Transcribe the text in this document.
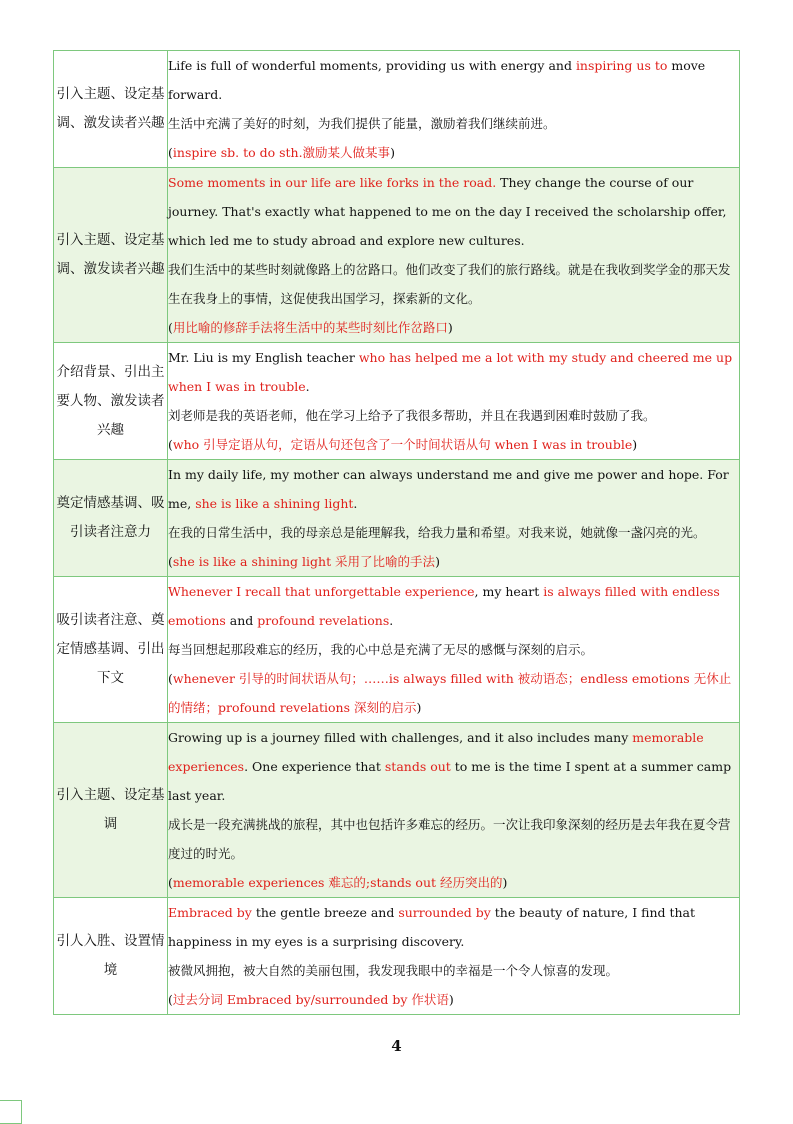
引入主题、设定基调、激发读者兴趣	Life is full of wonderful moments, providing us with energy and inspiring us to move forward.

生活中充满了美好的时刻，为我们提供了能量，激励着我们继续前进。

(inspire sb. to do sth.激励某人做某事)

引入主题、设定基调、激发读者兴趣	Some moments in our life are like forks in the road. They change the course of our journey. That's exactly what happened to me on the day I received the scholarship offer, which led me to study abroad and explore new cultures.

我们生活中的某些时刻就像路上的岔路口。他们改变了我们的旅行路线。就是在我收到奖学金的那天发生在我身上的事情，这促使我出国学习，探索新的文化。

(用比喻的修辞手法将生活中的某些时刻比作岔路口)

介绍背景、引出主要人物、激发读者兴趣	Mr. Liu is my English teacher who has helped me a lot with my study and cheered me up when I was in trouble.

刘老师是我的英语老师，他在学习上给予了我很多帮助，并且在我遇到困难时鼓励了我。

(who 引导定语从句，定语从句还包含了一个时间状语从句 when I was in trouble)

奠定情感基调、吸引读者注意力	In my daily life, my mother can always understand me and give me power and hope. For me, she is like a shining light.

在我的日常生活中，我的母亲总是能理解我，给我力量和希望。对我来说，她就像一盏闪亮的光。

(she is like a shining light 采用了比喻的手法)

吸引读者注意、奠定情感基调、引出下文	Whenever I recall that unforgettable experience, my heart is always filled with endless emotions and profound revelations.

每当回想起那段难忘的经历，我的心中总是充满了无尽的感慨与深刻的启示。

(whenever 引导的时间状语从句；……is always filled with 被动语态；endless emotions 无休止的情绪；profound revelations 深刻的启示)

引入主题、设定基调	Growing up is a journey filled with challenges, and it also includes many memorable experiences. One experience that stands out to me is the time I spent at a summer camp last year.

成长是一段充满挑战的旅程，其中也包括许多难忘的经历。一次让我印象深刻的经历是去年我在夏令营度过的时光。

(memorable experiences 难忘的;stands out 经历突出的)

引人入胜、设置情境	Embraced by the gentle breeze and surrounded by the beauty of nature, I find that happiness in my eyes is a surprising discovery.

被微风拥抱，被大自然的美丽包围，我发现我眼中的幸福是一个令人惊喜的发现。

(过去分词 Embraced by/surrounded by 作状语)

4
